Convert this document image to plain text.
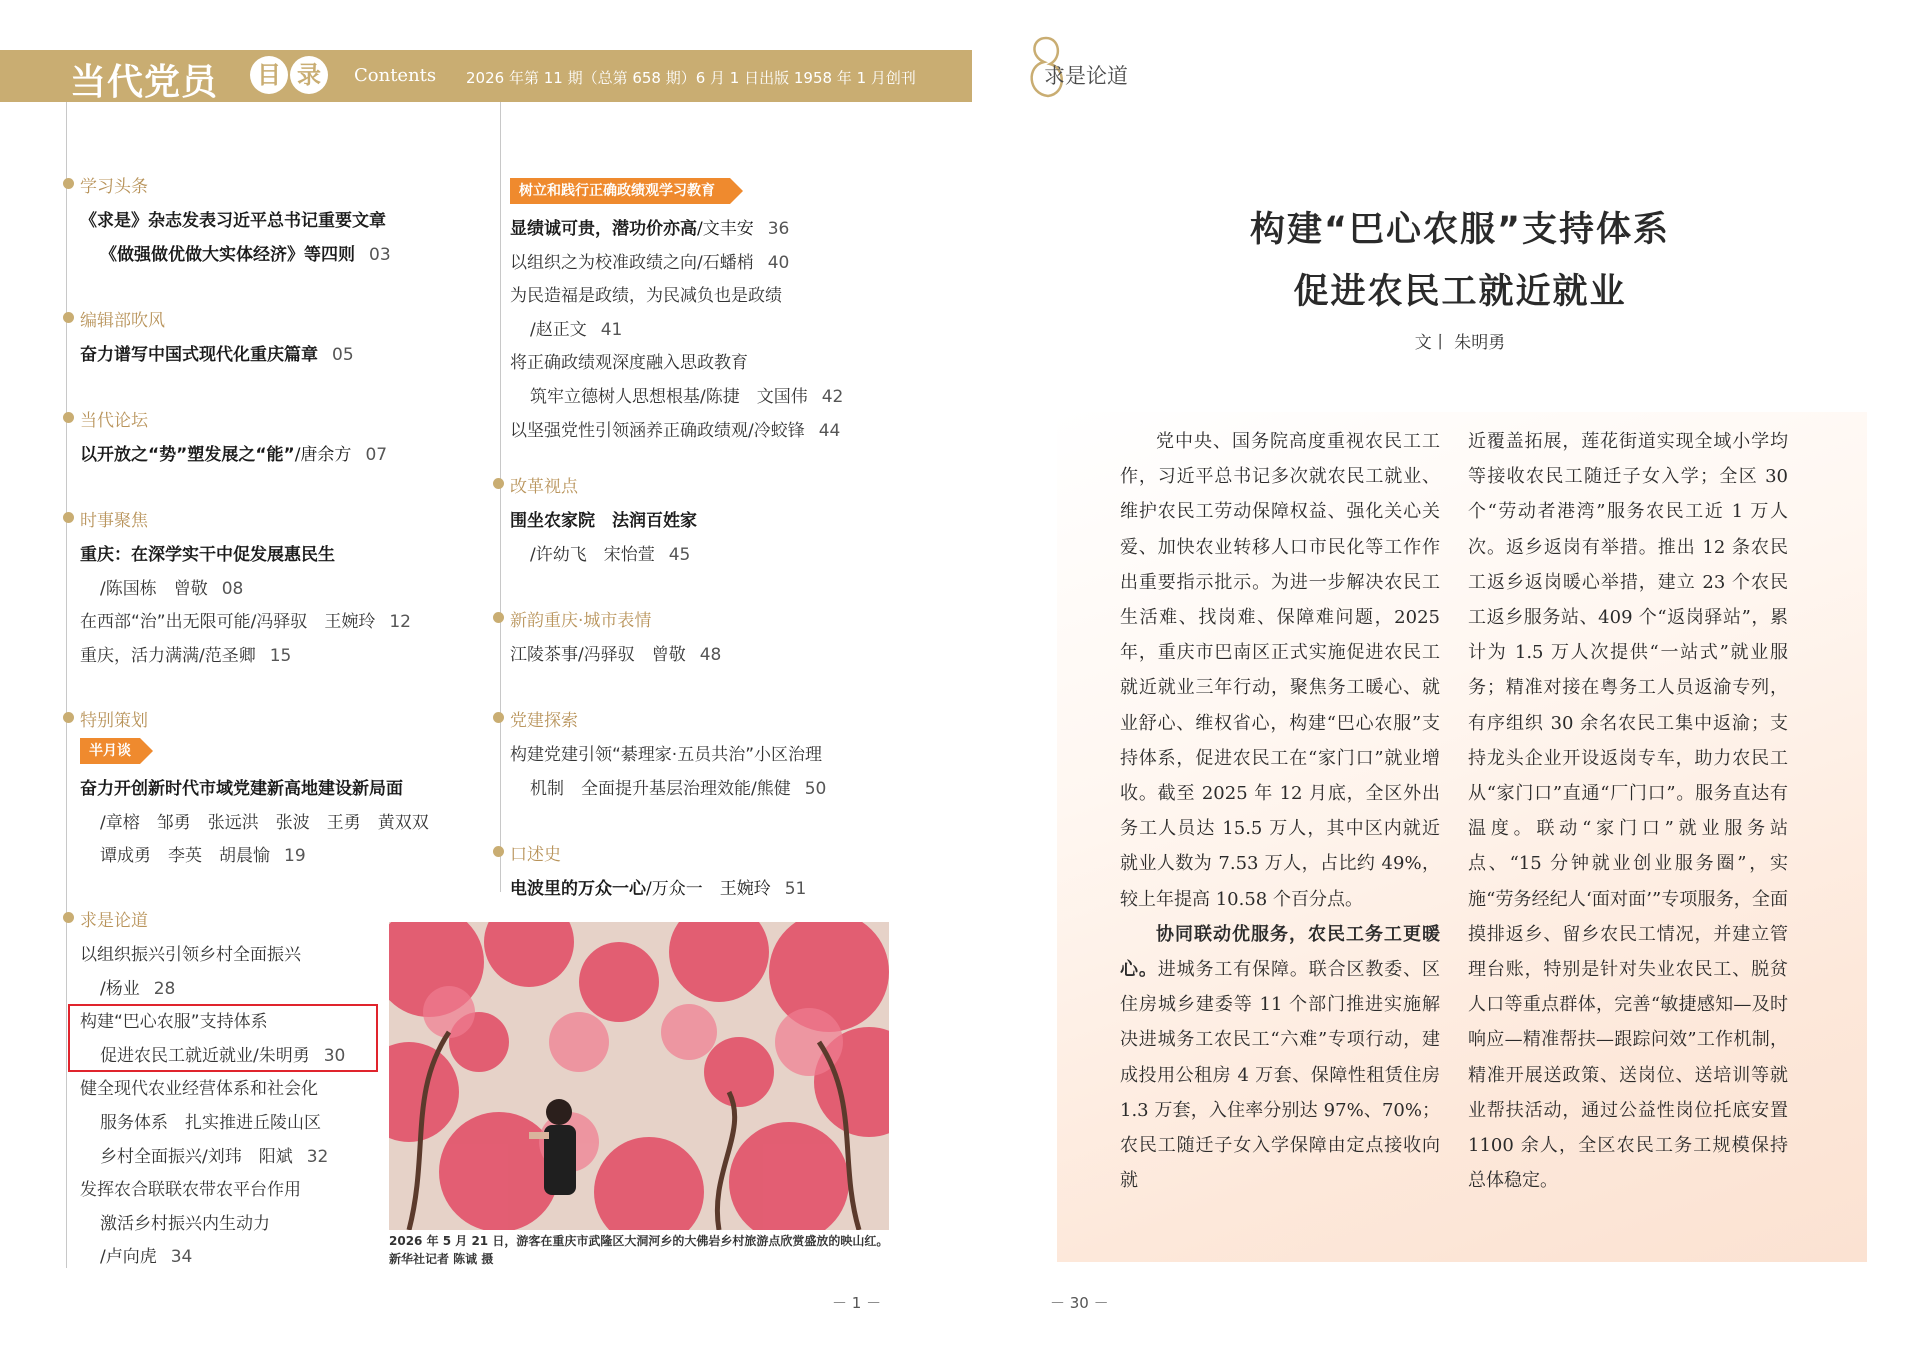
当代党员 目 录	Contents 2026 年第 11 期（总第 658 期）6 月 1 日出版 1958 年 1 月创刊
学习头条
《求是》杂志发表习近平总书记重要文章
《做强做优做大实体经济》等四则 03
编辑部吹风
奋力谱写中国式现代化重庆篇章 05
当代论坛
以开放之“势”塑发展之“能”/唐余方 07
时事聚焦
重庆：在深学实干中促发展惠民生
/陈国栋　曾敬 08
在西部“治”出无限可能/冯驿驭　王婉玲 12
重庆，活力满满/范圣卿 15
特别策划
半月谈
奋力开创新时代市域党建新高地建设新局面
/章榕　邹勇　张远洪　张波　王勇　黄双双
谭成勇　李英　胡晨愉 19
求是论道
以组织振兴引领乡村全面振兴
/杨业 28
构建“巴心农服”支持体系
促进农民工就近就业/朱明勇 30
健全现代农业经营体系和社会化
服务体系　扎实推进丘陵山区
乡村全面振兴/刘玮　阳斌 32
发挥农合联联农带农平台作用
激活乡村振兴内生动力
/卢向虎 34
树立和践行正确政绩观学习教育
显绩诚可贵，潜功价亦高/文丰安 36
以组织之为校准政绩之向/石蟠梢 40
为民造福是政绩，为民减负也是政绩
/赵正文 41
将正确政绩观深度融入思政教育
筑牢立德树人思想根基/陈捷　文国伟 42
以坚强党性引领涵养正确政绩观/冷蛟锋 44
改革视点
围坐农家院　法润百姓家
/许幼飞　宋怡萱 45
新韵重庆·城市表情
江陵茶事/冯驿驭　曾敬 48
党建探索
构建党建引领“綦理家·五员共治”小区治理
机制　全面提升基层治理效能/熊健 50
口述史
电波里的万众一心/万众一　王婉玲 51
2026 年 5 月 21 日，游客在重庆市武隆区大洞河乡的大佛岩乡村旅游点欣赏盛放的映山红。新华社记者 陈诚 摄
－ 1 －	－ 30 －
求是论道
构建“巴心农服”支持体系
促进农民工就近就业
文丨 朱明勇

党中央、国务院高度重视农民工工作，习近平总书记多次就农民工就业、维护农民工劳动保障权益、强化关心关爱、加快农业转移人口市民化等工作作出重要指示批示。为进一步解决农民工生活难、找岗难、保障难问题，2025 年，重庆市巴南区正式实施促进农民工就近就业三年行动，聚焦务工暖心、就业舒心、维权省心，构建“巴心农服”支持体系，促进农民工在“家门口”就业增收。截至 2025 年 12 月底，全区外出务工人员达 15.5 万人，其中区内就近就业人数为 7.53 万人，占比约 49%，较上年提高 10.58 个百分点。

协同联动优服务，农民工务工更暖心。进城务工有保障。联合区教委、区住房城乡建委等 11 个部门推进实施解决进城务工农民工“六难”专项行动，建成投用公租房 4 万套、保障性租赁住房 1.3 万套，入住率分别达 97%、70%；农民工随迁子女入学保障由定点接收向就

近覆盖拓展，莲花街道实现全域小学均等接收农民工随迁子女入学；全区 30 个“劳动者港湾”服务农民工近 1 万人次。返乡返岗有举措。推出 12 条农民工返乡返岗暖心举措，建立 23 个农民工返乡服务站、409 个“返岗驿站”，累计为 1.5 万人次提供“一站式”就业服务；精准对接在粤务工人员返渝专列，有序组织 30 余名农民工集中返渝；支持龙头企业开设返岗专车，助力农民工从“家门口”直通“厂门口”。服务直达有温度。联动“家门口”就业服务站点、“15 分钟就业创业服务圈”，实施“劳务经纪人‘面对面’”专项服务，全面摸排返乡、留乡农民工情况，并建立管理台账，特别是针对失业农民工、脱贫人口等重点群体，完善“敏捷感知—及时响应—精准帮扶—跟踪问效”工作机制，精准开展送政策、送岗位、送培训等就业帮扶活动，通过公益性岗位托底安置 1100 余人，全区农民工务工规模保持总体稳定。
